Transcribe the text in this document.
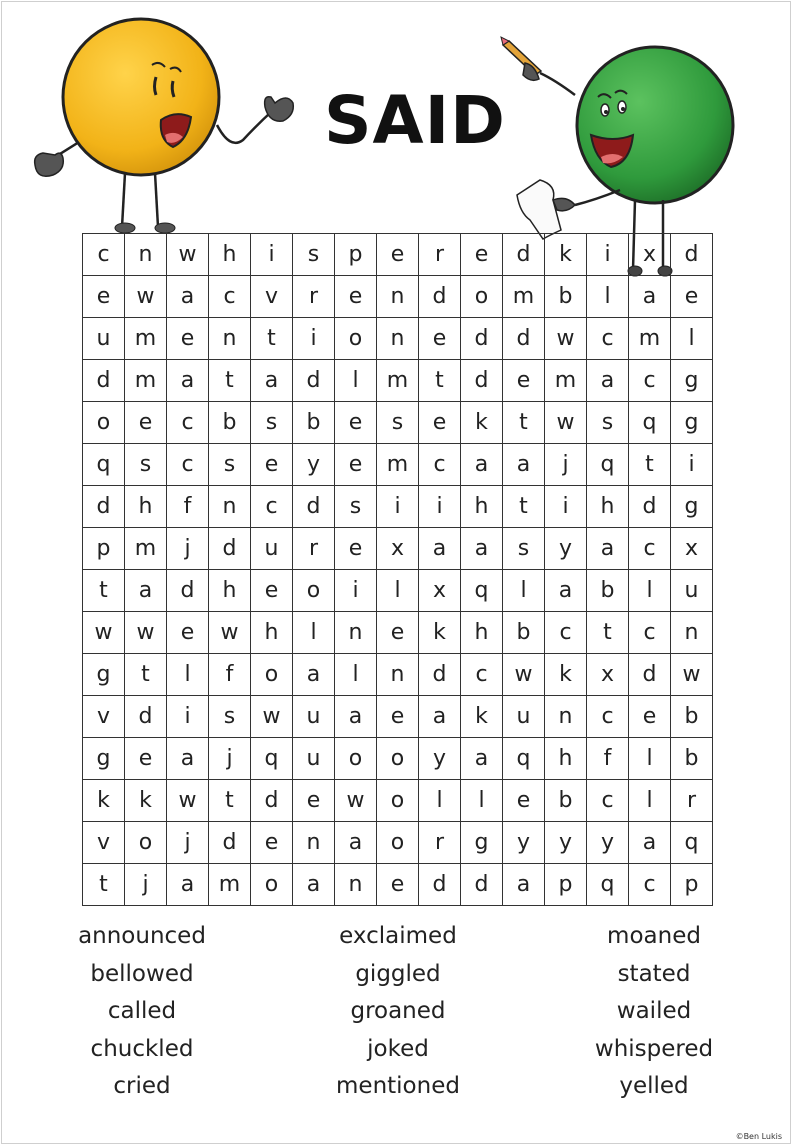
SAID
c	n	w	h	i	s	p	e	r	e	d	k	i	x	d
e	w	a	c	v	r	e	n	d	o	m	b	l	a	e
u	m	e	n	t	i	o	n	e	d	d	w	c	m	l
d	m	a	t	a	d	l	m	t	d	e	m	a	c	g
o	e	c	b	s	b	e	s	e	k	t	w	s	q	g
q	s	c	s	e	y	e	m	c	a	a	j	q	t	i
d	h	f	n	c	d	s	i	i	h	t	i	h	d	g
p	m	j	d	u	r	e	x	a	a	s	y	a	c	x
t	a	d	h	e	o	i	l	x	q	l	a	b	l	u
w	w	e	w	h	l	n	e	k	h	b	c	t	c	n
g	t	l	f	o	a	l	n	d	c	w	k	x	d	w
v	d	i	s	w	u	a	e	a	k	u	n	c	e	b
g	e	a	j	q	u	o	o	y	a	q	h	f	l	b
k	k	w	t	d	e	w	o	l	l	e	b	c	l	r
v	o	j	d	e	n	a	o	r	g	y	y	y	a	q
t	j	a	m	o	a	n	e	d	d	a	p	q	c	p
announced
bellowed
called
chuckled
cried
exclaimed
giggled
groaned
joked
mentioned
moaned
stated
wailed
whispered
yelled
©Ben Lukis
